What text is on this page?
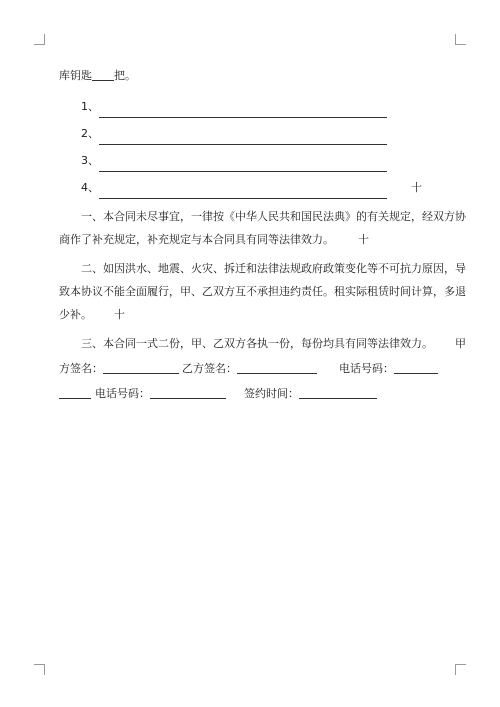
库钥匙 把。
1、
2、
3、
4、	十
一、本合同未尽事宜，一律按《中华人民共和国民法典》的有关规定，经双方协
商作了补充规定，补充规定与本合同具有同等法律效力。 十
二、如因洪水、地震、火灾、拆迁和法律法规政府政策变化等不可抗力原因，导
致本协议不能全面履行，甲、乙双方互不承担违约责任。租实际租赁时间计算，多退
少补。 十
三、本合同一式二份，甲、乙双方各执一份，每份均具有同等法律效力。 甲
方签名：	乙方签名：	电话号码：
电话号码：	签约时间：
